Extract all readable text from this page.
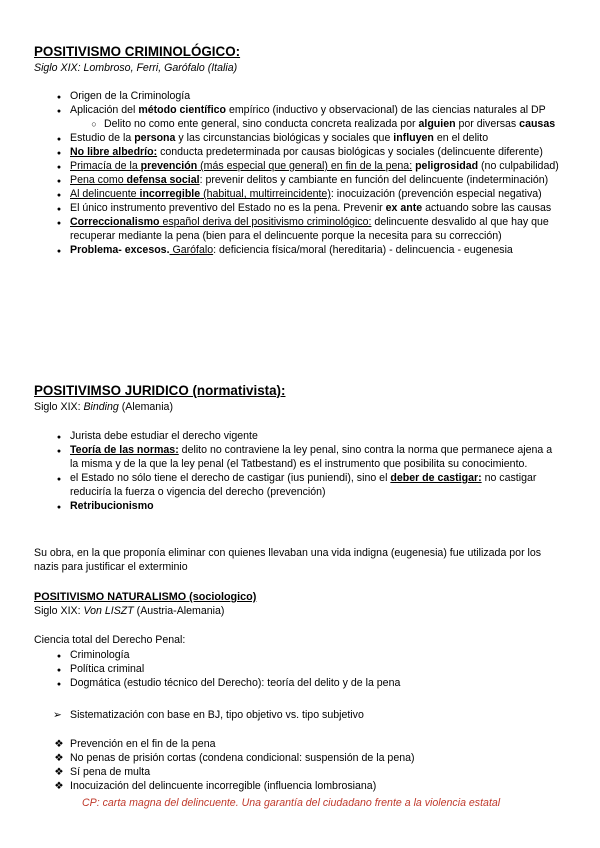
POSITIVISMO CRIMINOLÓGICO:
Siglo XIX: Lombroso, Ferri, Garófalo (Italia)
●
Origen de la Criminología
●
Aplicación del método científico empírico (inductivo y observacional) de las ciencias naturales al DP
○
Delito no como ente general, sino conducta concreta realizada por alguien por diversas causas
●
Estudio de la persona y las circunstancias biológicas y sociales que influyen en el delito
●
No libre albedrío: conducta predeterminada por causas biológicas y sociales (delincuente diferente)
●
Primacía de la prevención (más especial que general) en fin de la pena: peligrosidad (no culpabilidad)
●
Pena como defensa social: prevenir delitos y cambiante en función del delincuente (indeterminación)
●
Al delincuente incorregible (habitual, multirreincidente): inocuización (prevención especial negativa)
●
El único instrumento preventivo del Estado no es la pena. Prevenir ex ante actuando sobre las causas
●
Correccionalismo español deriva del positivismo criminológico: delincuente desvalido al que hay que recuperar mediante la pena (bien para el delincuente porque la necesita para su corrección)
●
Problema- excesos. Garófalo: deficiencia física/moral (hereditaria) - delincuencia - eugenesia
POSITIVIMSO JURIDICO (normativista):
Siglo XIX: Binding (Alemania)
●
Jurista debe estudiar el derecho vigente
●
Teoría de las normas: delito no contraviene la ley penal, sino contra la norma que permanece ajena a la misma y de la que la ley penal (el Tatbestand) es el instrumento que posibilita su conocimiento.
●
el Estado no sólo tiene el derecho de castigar (ius puniendi), sino el deber de castigar: no castigar reduciría la fuerza o vigencia del derecho (prevención)
●
Retribucionismo
Su obra, en la que proponía eliminar con quienes llevaban una vida indigna (eugenesia) fue utilizada por los nazis para justificar el exterminio
POSITIVISMO NATURALISMO (sociologico)
Siglo XIX: Von LISZT (Austria-Alemania)
Ciencia total del Derecho Penal:
●
Criminología
●
Política criminal
●
Dogmática (estudio técnico del Derecho): teoría del delito y de la pena
➢ Sistematización con base en BJ, tipo objetivo vs. tipo subjetivo
❖ Prevención en el fin de la pena
❖ No penas de prisión cortas (condena condicional: suspensión de la pena)
❖ Sí pena de multa
❖ Inocuización del delincuente incorregible (influencia lombrosiana)
CP: carta magna del delincuente. Una garantía del ciudadano frente a la violencia estatal
